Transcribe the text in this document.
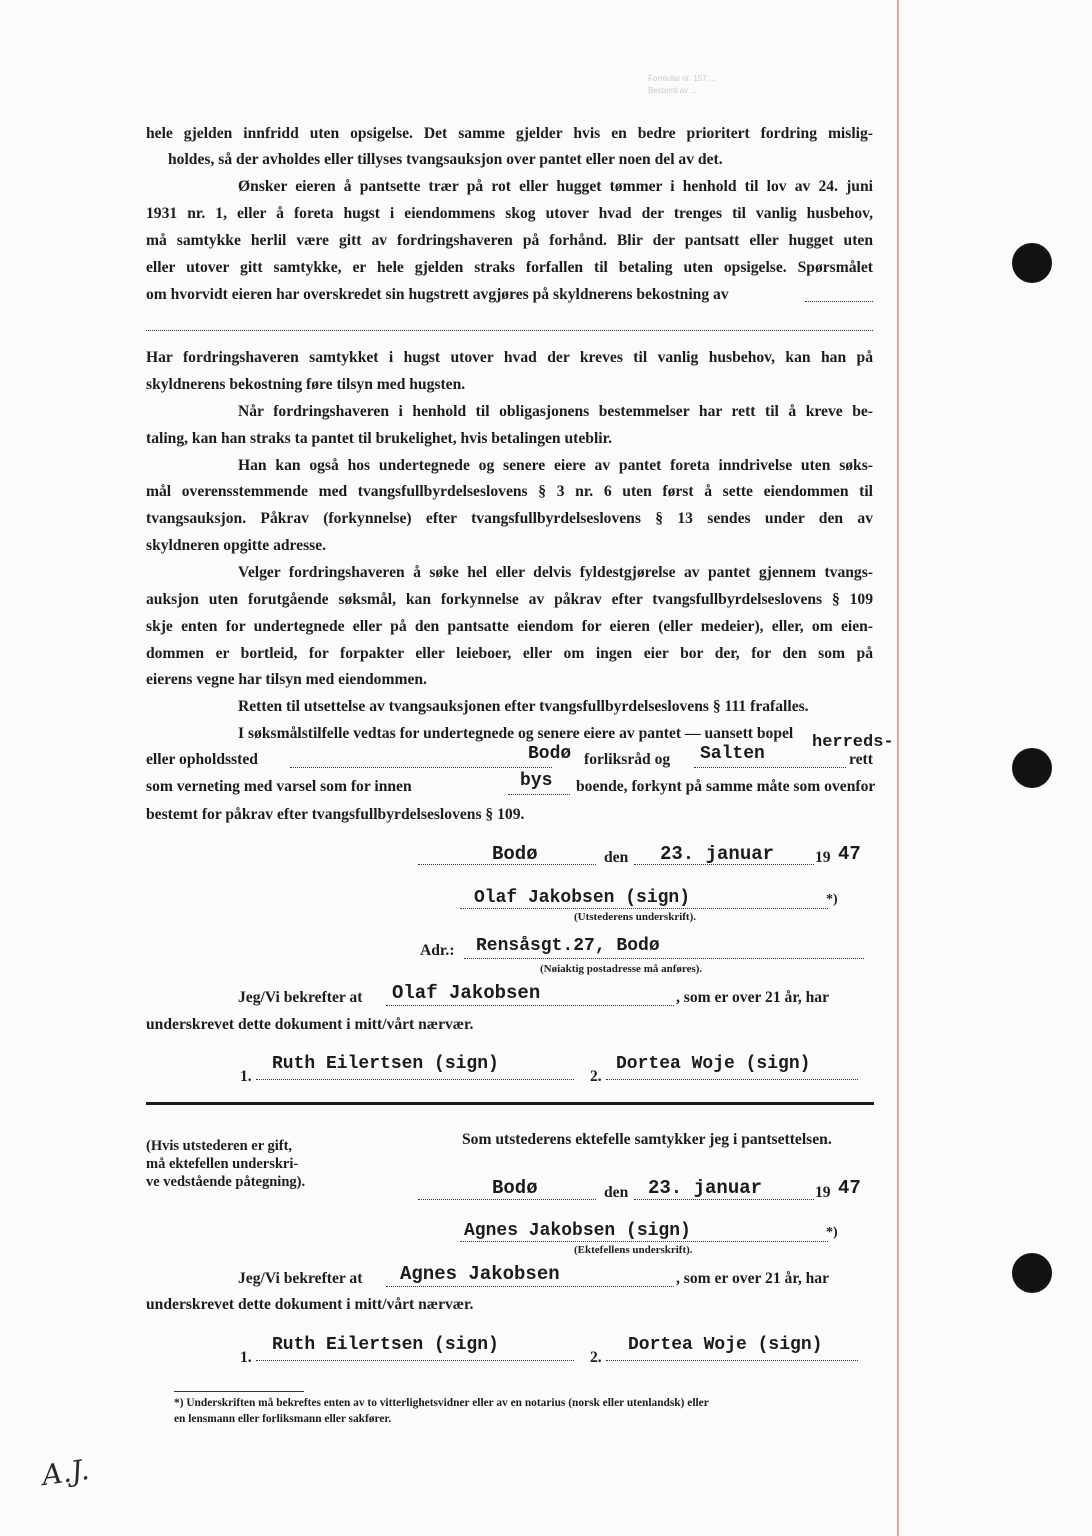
Formular nr. 157 ...
Bestemt av ...
hele gjelden innfridd uten opsigelse. Det samme gjelder hvis en bedre prioritert fordring mislig-
holdes, så der avholdes eller tillyses tvangsauksjon over pantet eller noen del av det.
Ønsker eieren å pantsette trær på rot eller hugget tømmer i henhold til lov av 24. juni
1931 nr. 1, eller å foreta hugst i eiendommens skog utover hvad der trenges til vanlig husbehov,
må samtykke herlil være gitt av fordringshaveren på forhånd. Blir der pantsatt eller hugget uten
eller utover gitt samtykke, er hele gjelden straks forfallen til betaling uten opsigelse. Spørsmålet
om hvorvidt eieren har overskredet sin hugstrett avgjøres på skyldnerens bekostning av
Har fordringshaveren samtykket i hugst utover hvad der kreves til vanlig husbehov, kan han på
skyldnerens bekostning føre tilsyn med hugsten.
Når fordringshaveren i henhold til obligasjonens bestemmelser har rett til å kreve be-
taling, kan han straks ta pantet til brukelighet, hvis betalingen uteblir.
Han kan også hos undertegnede og senere eiere av pantet foreta inndrivelse uten søks-
mål overensstemmende med tvangsfullbyrdelseslovens § 3 nr. 6 uten først å sette eiendommen til
tvangsauksjon. Påkrav (forkynnelse) efter tvangsfullbyrdelseslovens § 13 sendes under den av
skyldneren opgitte adresse.
Velger fordringshaveren å søke hel eller delvis fyldestgjørelse av pantet gjennem tvangs-
auksjon uten forutgående søksmål, kan forkynnelse av påkrav efter tvangsfullbyrdelseslovens § 109
skje enten for undertegnede eller på den pantsatte eiendom for eieren (eller medeier), eller, om eien-
dommen er bortleid, for forpakter eller leieboer, eller om ingen eier bor der, for den som på
eierens vegne har tilsyn med eiendommen.
Retten til utsettelse av tvangsauksjonen efter tvangsfullbyrdelseslovens § 111 frafalles.
I søksmålstilfelle vedtas for undertegnede og senere eiere av pantet — uansett bopel
eller opholdssted	Bodø forliksråd og Salten
herreds-
rett
som verneting med varsel som for innen	bys boende, forkynt på samme måte som ovenfor
bestemt for påkrav efter tvangsfullbyrdelseslovens § 109.
Bodø	den 23. januar	19 47
Olaf Jakobsen (sign)	*)
(Utstederens underskrift).
Adr.: Rensåsgt.27, Bodø
(Nøiaktig postadresse må anføres).
Jeg/Vi bekrefter at Olaf Jakobsen	, som er over 21 år, har
underskrevet dette dokument i mitt/vårt nærvær.
1.
Ruth Eilertsen (sign)
2.
Dortea Woje (sign)
(Hvis utstederen er gift,
må ektefellen underskri-
ve vedstående påtegning).
Som utstederens ektefelle samtykker jeg i pantsettelsen.
Bodø	den 23. januar	19 47
Agnes Jakobsen (sign)	*)
(Ektefellens underskrift).
Jeg/Vi bekrefter at Agnes Jakobsen	, som er over 21 år, har
underskrevet dette dokument i mitt/vårt nærvær.
1.
Ruth Eilertsen (sign)
2.
Dortea Woje (sign)
*) Underskriften må bekreftes enten av to vitterlighetsvidner eller av en notarius (norsk eller utenlandsk) eller
en lensmann eller forliksmann eller sakfører.
A.J.
